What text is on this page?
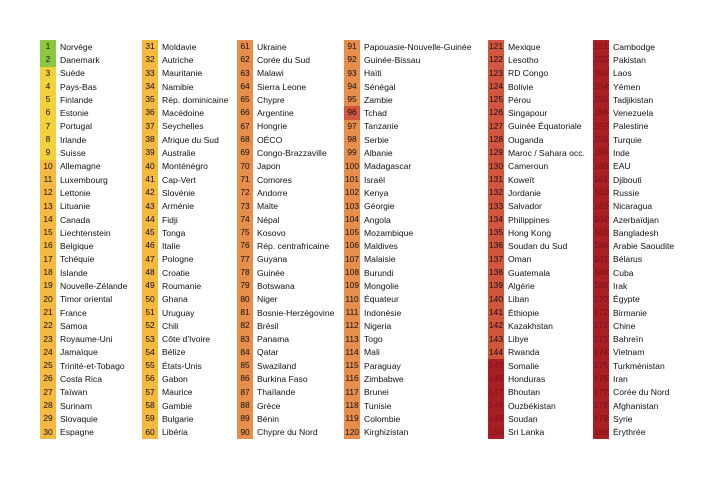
1	Norvège
2	Danemark
3	Suède
4	Pays-Bas
5	Finlande
6	Estonie
7	Portugal
8	Irlande
9	Suisse
10 Allemagne
11 Luxembourg
12 Lettonie
13 Lituanie
14 Canada
15 Liechtenstein
16 Belgique
17 Tchéquie
18 Islande
19 Nouvelle-Zélande
20 Timor oriental
21 France
22 Samoa
23 Royaume-Uni
24 Jamaïque
25 Trinité-et-Tobago
26 Costa Rica
27 Taïwan
28 Surinam
29 Slovaquie
30 Espagne
31 Moldavie
32 Autriche
33 Mauritanie
34 Namibie
35 Rép. dominicaine
36 Macédoine
37 Seychelles
38 Afrique du Sud
39 Australie
40 Monténégro
41 Cap-Vert
42 Slovénie
43 Arménie
44 Fidji
45 Tonga
46 Italie
47 Pologne
48 Croatie
49 Roumanie
50 Ghana
51 Uruguay
52 Chili
53 Côte d'Ivoire
54 Bélize
55 États-Unis
56 Gabon
57 Maurice
58 Gambie
59 Bulgarie
60 Libéria
61 Ukraine
62 Corée du Sud
63 Malawi
64 Sierra Leone
65 Chypre
66 Argentine
67 Hongrie
68 OÉCO
69 Congo-Brazzaville
70 Japon
71 Comores
72 Andorre
73 Malte
74 Népal
75 Kosovo
76 Rép. centrafricaine
77 Guyana
78 Guinée
79 Botswana
80 Niger
81 Bosnie-Herzégovine
82 Brésil
83 Panama
84 Qatar
85 Swaziland
86 Burkina Faso
87 Thaïlande
88 Grèce
89 Bénin
90 Chypre du Nord
91 Papouasie-Nouvelle-Guinée
92 Guinée-Bissau
93 Haïti
94 Sénégal
95 Zambie
96 Tchad
97 Tanzanie
98 Serbie
99 Albanie
100 Madagascar
101 Israël
102 Kenya
103 Géorgie
104 Angola
105 Mozambique
106 Maldives
107 Malaisie
108 Burundi
109 Mongolie
110 Équateur
111 Indonésie
112 Nigeria
113 Togo
114 Mali
115 Paraguay
116 Zimbabwe
117 Brunei
118 Tunisie
119 Colombie
120 Kirghizistan
121 Mexique
122 Lesotho
123 RD Congo
124 Bolivie
125 Pérou
126 Singapour
127 Guinée Équatoriale
128 Ouganda
129 Maroc / Sahara occ.
130 Cameroun
131 Koweït
132 Jordanie
133 Salvador
134 Philippines
135 Hong Kong
136 Soudan du Sud
137 Oman
138 Guatemala
139 Algérie
140 Liban
141 Éthiopie
142 Kazakhstan
143 Libye
144 Rwanda
145 Somalie
146 Honduras
147 Bhoutan
148 Ouzbékistan
149 Soudan
150 Sri Lanka
151 Cambodge
152 Pakistan
153 Laos
154 Yémen
155 Tadjikistan
156 Venezuela
157 Palestine
158 Turquie
159 Inde
160 EAU
161 Djibouti
162 Russie
163 Nicaragua
164 Azerbaïdjan
165 Bangladesh
166 Arabie Saoudite
167 Bélarus
168 Cuba
169 Irak
170 Égypte
171 Birmanie
172 Chine
173 Bahreïn
174 Vietnam
175 Turkménistan
176 Iran
177 Corée du Nord
178 Afghanistan
179 Syrie
180 Érythrée
